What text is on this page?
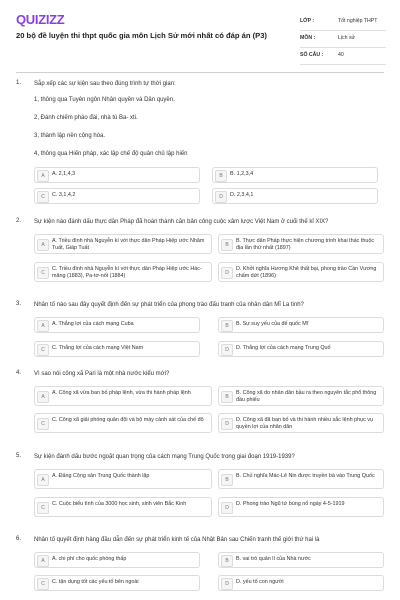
QUIZIZZ
20 bộ đề luyện thi thpt quốc gia môn Lịch Sử mới nhất có đáp án (P3)
LỚP :	Tốt nghiệp THPT
MÔN :	Lịch sử
SỐ CÂU :	40
1. Sắp xếp các sự kiện sau theo đúng trình tự thời gian:
1, thông qua Tuyên ngôn Nhân quyền và Dân quyền.
2, Đánh chiếm pháo đài, nhà tù Ba- xti.
3, thành lập nền cộng hòa.
4, thông qua Hiến pháp, xác lập chế độ quân chủ lập hiến
A	A. 2,1,4,3	B	B. 1,2,3,4
C	C. 3,1,4,2	D	D. 2,3,4,1
2. Sự kiện nào đánh dấu thực dân Pháp đã hoàn thành căn bản công cuộc xâm lược Việt Nam ở cuối thế kỉ XIX?
A
A. Triều đình nhà Nguyễn kí với thực dân Pháp Hiệp ước Nhâm Tuất, Giáp Tuất	B
B. Thực dân Pháp thực hiện chương trình khai thác thuộc địa lần thứ nhất (1897)
C
C. Triều đình nhà Nguyễn kí với thực dân Pháp Hiệp ước Hác-măng (1883), Pa-tơ-nốt (1884)	D
D. Khởi nghĩa Hương Khê thất bại, phong trào Cần Vương chấm dứt (1896)
3. Nhân tố nào sau đây quyết định đến sự phát triển của phong trào đấu tranh của nhân dân Mĩ La tinh?
A	A. Thắng lợi của cách mạng Cuba	B	B. Sự suy yếu của đế quốc Mĩ
C	C. Thắng lợi của cách mạng Việt Nam	D	D. Thắng lợi của cách mạng Trung Quố
4. Vì sao nói công xã Pari là một nhà nước kiểu mới?
A
A. Công xã vừa ban bố pháp lệnh, vừa thi hành pháp lệnh
B
B. Công xã do nhân dân bầu ra theo nguyên tắc phổ thông đầu phiếu
C
C. Công xã giải phóng quân đội và bộ máy cảnh sát của chế độ
D
D. Công xã đã ban bố và thi hành nhiều sắc lệnh phục vụ quyền lợi của nhân dân
5. Sự kiện đánh dấu bước ngoặt quan trọng của cách mạng Trung Quốc trong giai đoạn 1919-1939?
A
A. Đảng Cộng sản Trung Quốc thành lập
B
B. Chủ nghĩa Mác-Lê Nin được truyền bá vào Trung Quốc
C
C. Cuộc biểu tình của 3000 học sinh, sinh viên Bắc Kinh
D
D. Phong trào Ngũ tứ bùng nổ ngày 4-5-1919
6. Nhân tố quyết định hàng đầu dẫn đến sự phát triển kinh tế của Nhật Bản sau Chiến tranh thế giới thứ hai là
A	A. chi phí cho quốc phòng thấp	B	B. vai trò quản lí của Nhà nước
C	C. tận dụng tốt các yếu tố bên ngoài	D	D. yếu tố con người
